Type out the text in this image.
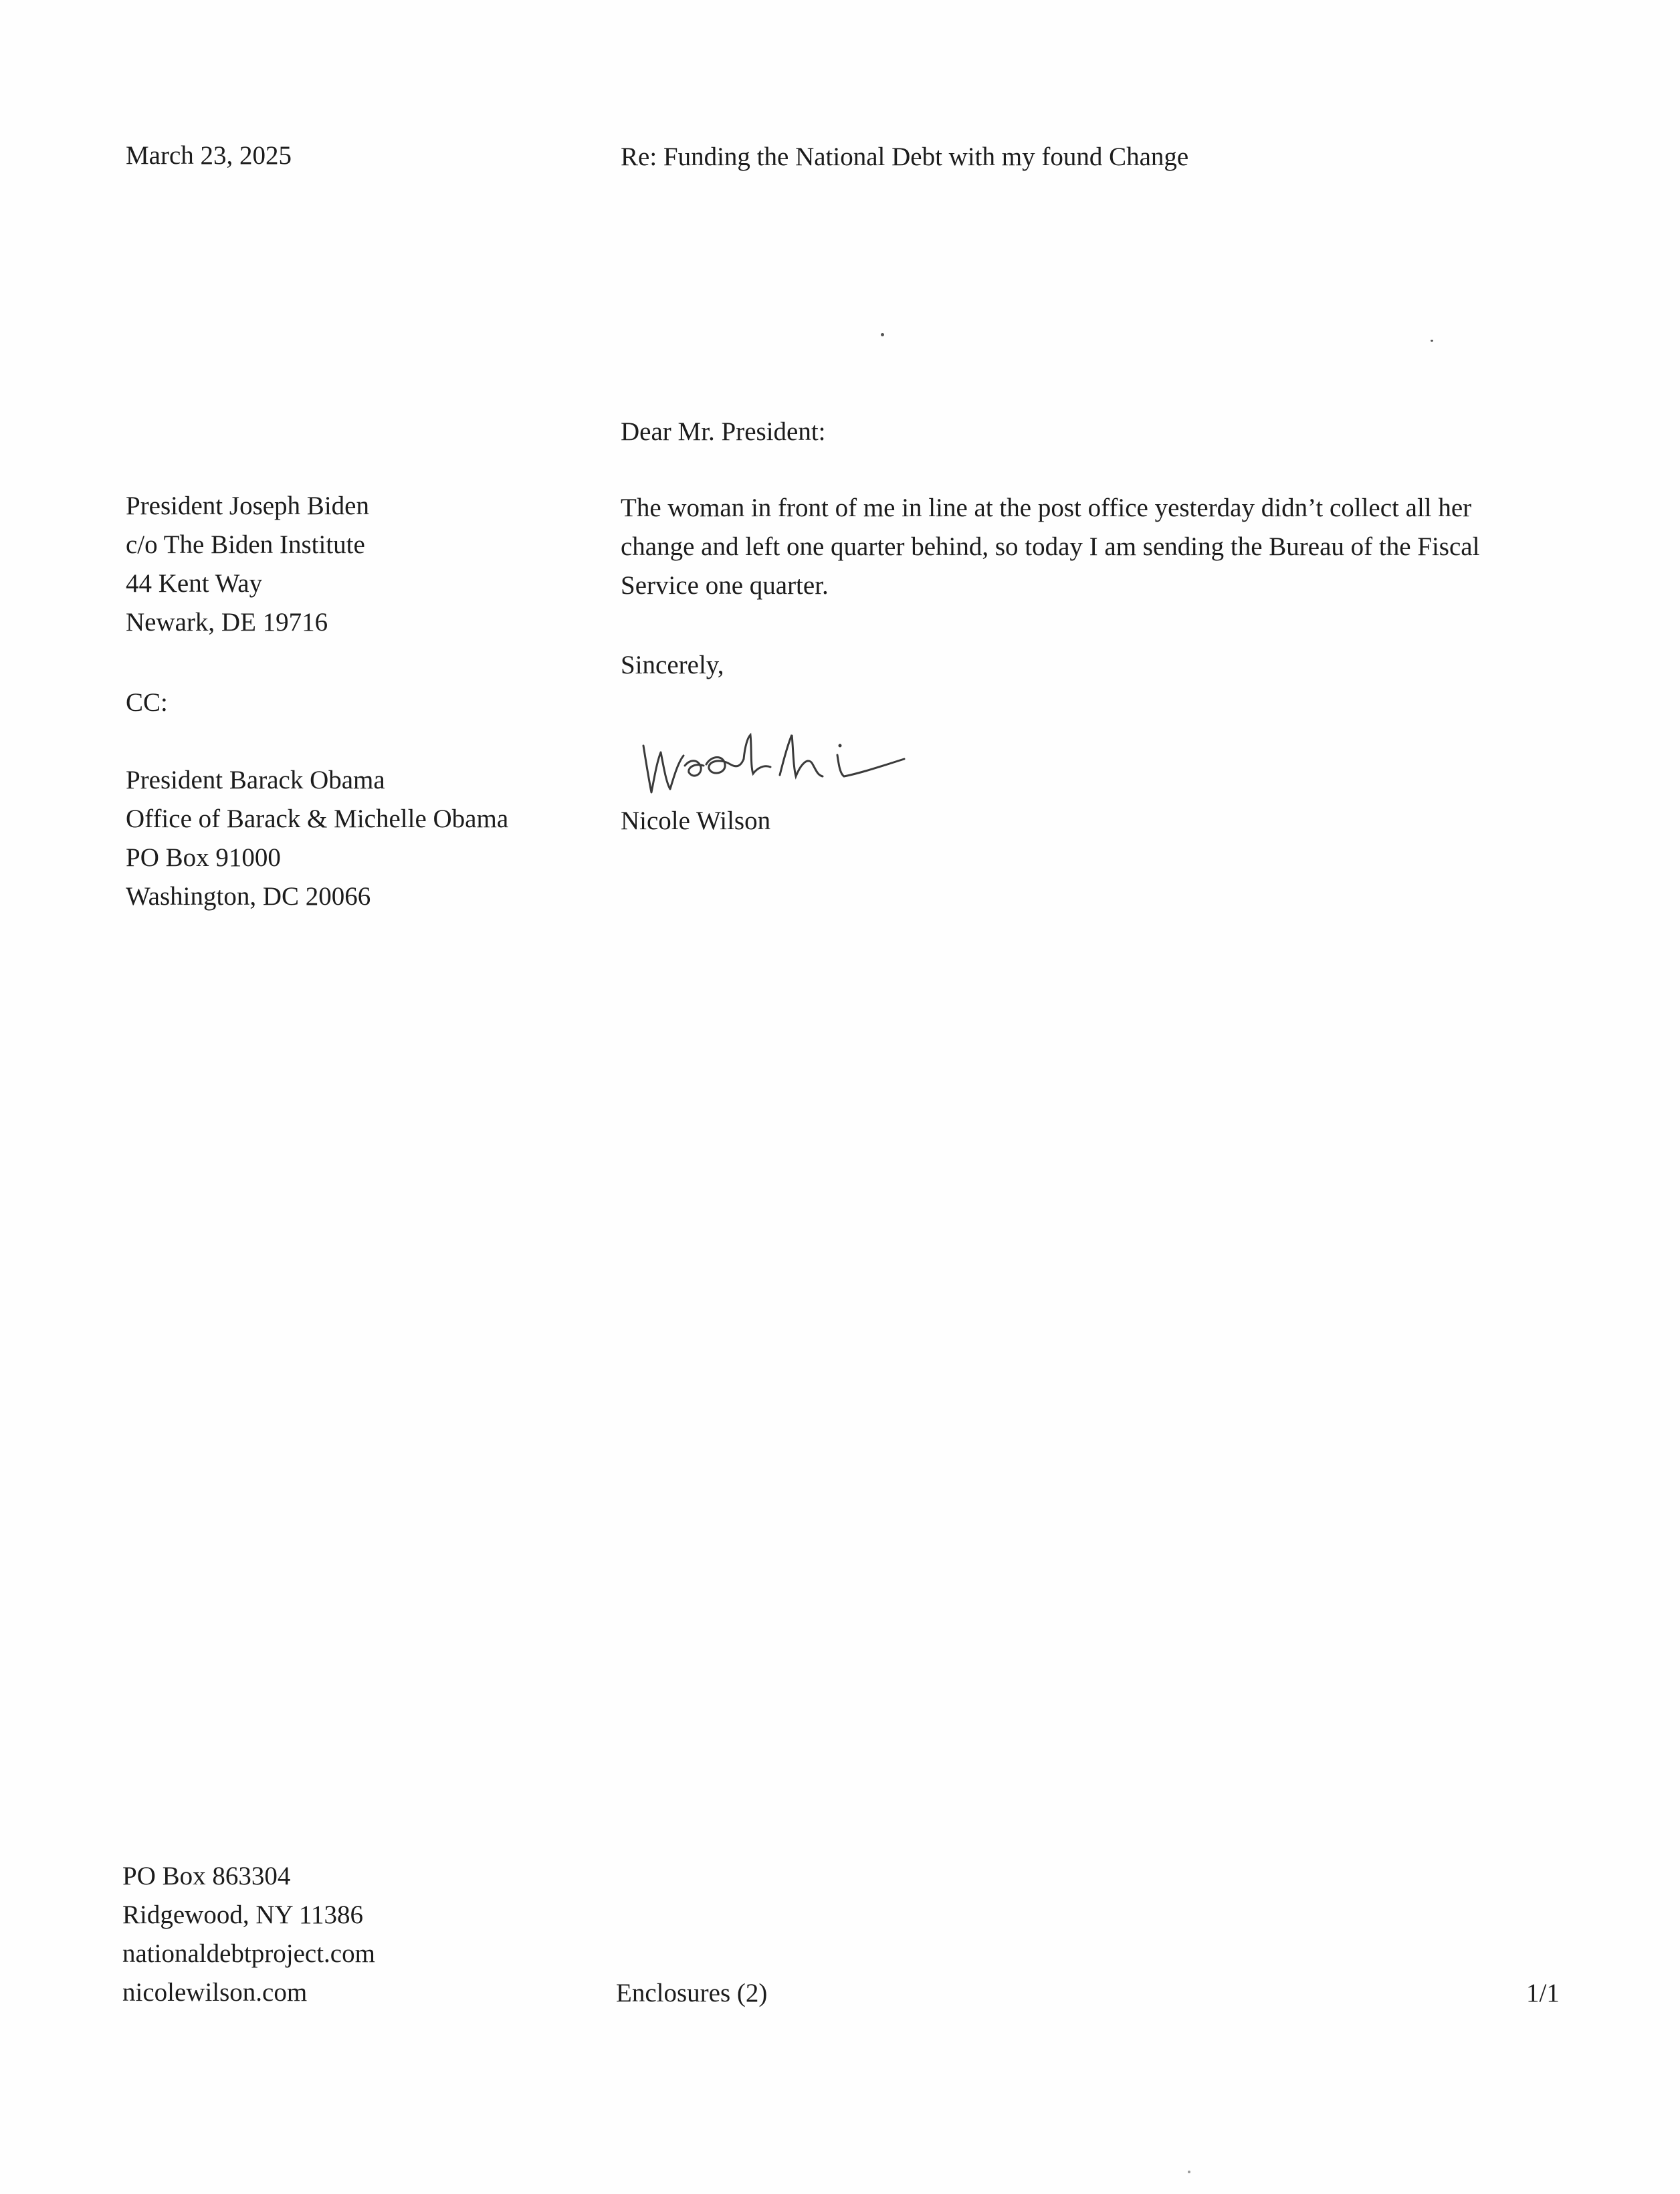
March 23, 2025	Re: Funding the National Debt with my found Change

Dear Mr. President:

President Joseph Biden
c/o The Biden Institute
44 Kent Way
Newark, DE 19716
The woman in front of me in line at the post office yesterday didn’t collect all her
change and left one quarter behind, so today I am sending the Bureau of the Fiscal
Service one quarter.

CC:

Sincerely,

Nicole Wilson

President Barack Obama
Office of Barack & Michelle Obama
PO Box 91000
Washington, DC 20066
PO Box 863304
Ridgewood, NY 11386
nationaldebtproject.com
nicolewilson.com	Enclosures (2)	1/1
